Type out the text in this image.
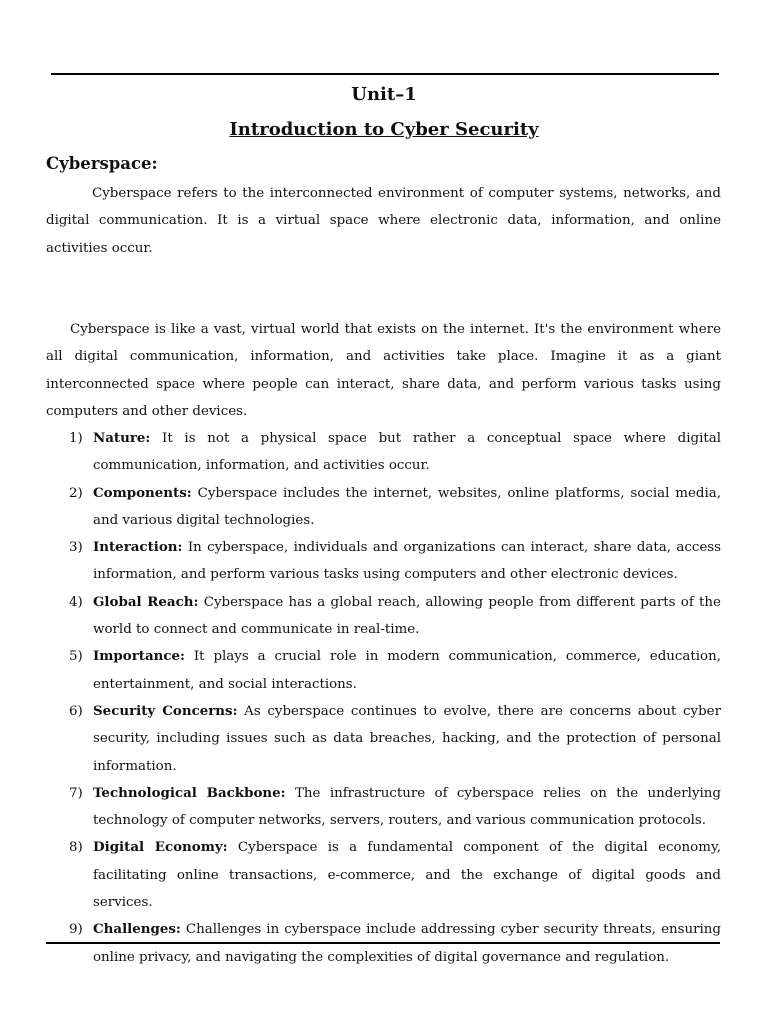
Unit–1
Introduction to Cyber Security
Cyberspace:

Cyberspace refers to the interconnected environment of computer systems, networks, and digital communication. It is a virtual space where electronic data, information, and online activities occur.

Cyberspace is like a vast, virtual world that exists on the internet. It's the environment where all digital communication, information, and activities take place. Imagine it as a giant interconnected space where people can interact, share data, and perform various tasks using computers and other devices.

1) Nature: It is not a physical space but rather a conceptual space where digital communication, information, and activities occur.
2) Components: Cyberspace includes the internet, websites, online platforms, social media, and various digital technologies.
3) Interaction: In cyberspace, individuals and organizations can interact, share data, access information, and perform various tasks using computers and other electronic devices.
4) Global Reach: Cyberspace has a global reach, allowing people from different parts of the world to connect and communicate in real-time.
5) Importance: It plays a crucial role in modern communication, commerce, education, entertainment, and social interactions.
6) Security Concerns: As cyberspace continues to evolve, there are concerns about cyber security, including issues such as data breaches, hacking, and the protection of personal information.
7) Technological Backbone: The infrastructure of cyberspace relies on the underlying technology of computer networks, servers, routers, and various communication protocols.
8) Digital Economy: Cyberspace is a fundamental component of the digital economy, facilitating online transactions, e-commerce, and the exchange of digital goods and services.
9) Challenges: Challenges in cyberspace include addressing cyber security threats, ensuring online privacy, and navigating the complexities of digital governance and regulation.
